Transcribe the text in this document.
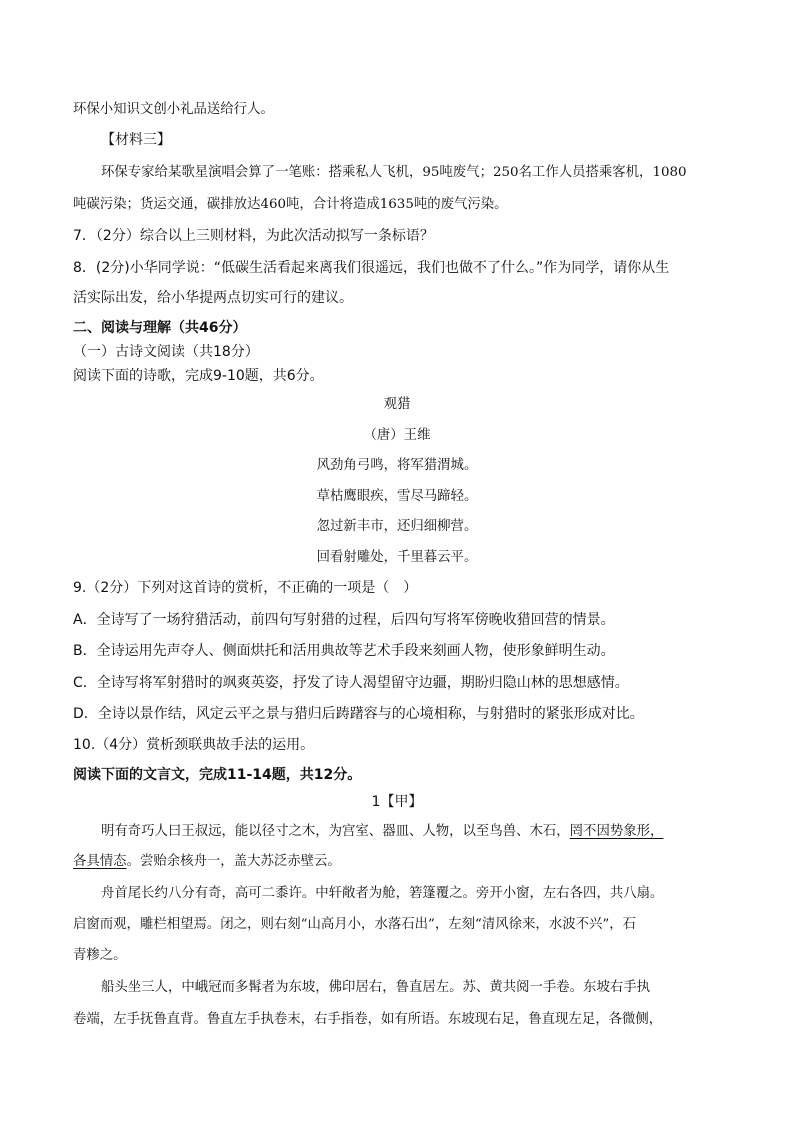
环保小知识文创小礼品送给行人。
【材料三】
环保专家给某歌星演唱会算了一笔账：搭乘私人飞机，95吨废气；250名工作人员搭乘客机，1080
吨碳污染；货运交通，碳排放达460吨，合计将造成1635吨的废气污染。
7．（2分）综合以上三则材料，为此次活动拟写一条标语？
8．(2分)小华同学说：“低碳生活看起来离我们很遥远，我们也做不了什么。”作为同学，请你从生
活实际出发，给小华提两点切实可行的建议。
二、阅读与理解（共46分）
（一）古诗文阅读（共18分）
阅读下面的诗歌，完成9-10题，共6分。
观猎
（唐）王维
风劲角弓鸣，将军猎渭城。
草枯鹰眼疾，雪尽马蹄轻。
忽过新丰市，还归细柳营。
回看射雕处，千里暮云平。
9.（2分）下列对这首诗的赏析，不正确的一项是（　）
A．全诗写了一场狩猎活动，前四句写射猎的过程，后四句写将军傍晚收猎回营的情景。
B．全诗运用先声夺人、侧面烘托和活用典故等艺术手段来刻画人物，使形象鲜明生动。
C．全诗写将军射猎时的飒爽英姿，抒发了诗人渴望留守边疆，期盼归隐山林的思想感情。
D．全诗以景作结，风定云平之景与猎归后踌躇容与的心境相称，与射猎时的紧张形成对比。
10.（4分）赏析颈联典故手法的运用。
阅读下面的文言文，完成11-14题，共12分。
1【甲】
明有奇巧人曰王叔远，能以径寸之木，为宫室、器皿、人物，以至鸟兽、木石，罔不因势象形，
各具情态。尝贻余核舟一，盖大苏泛赤壁云。
舟首尾长约八分有奇，高可二黍许。中轩敞者为舱，箬篷覆之。旁开小窗，左右各四，共八扇。
启窗而观，雕栏相望焉。闭之，则右刻“山高月小，水落石出”，左刻“清风徐来，水波不兴”，石
青糁之。
船头坐三人，中峨冠而多髯者为东坡，佛印居右，鲁直居左。苏、黄共阅一手卷。东坡右手执
卷端，左手抚鲁直背。鲁直左手执卷末，右手指卷，如有所语。东坡现右足，鲁直现左足，各微侧，
